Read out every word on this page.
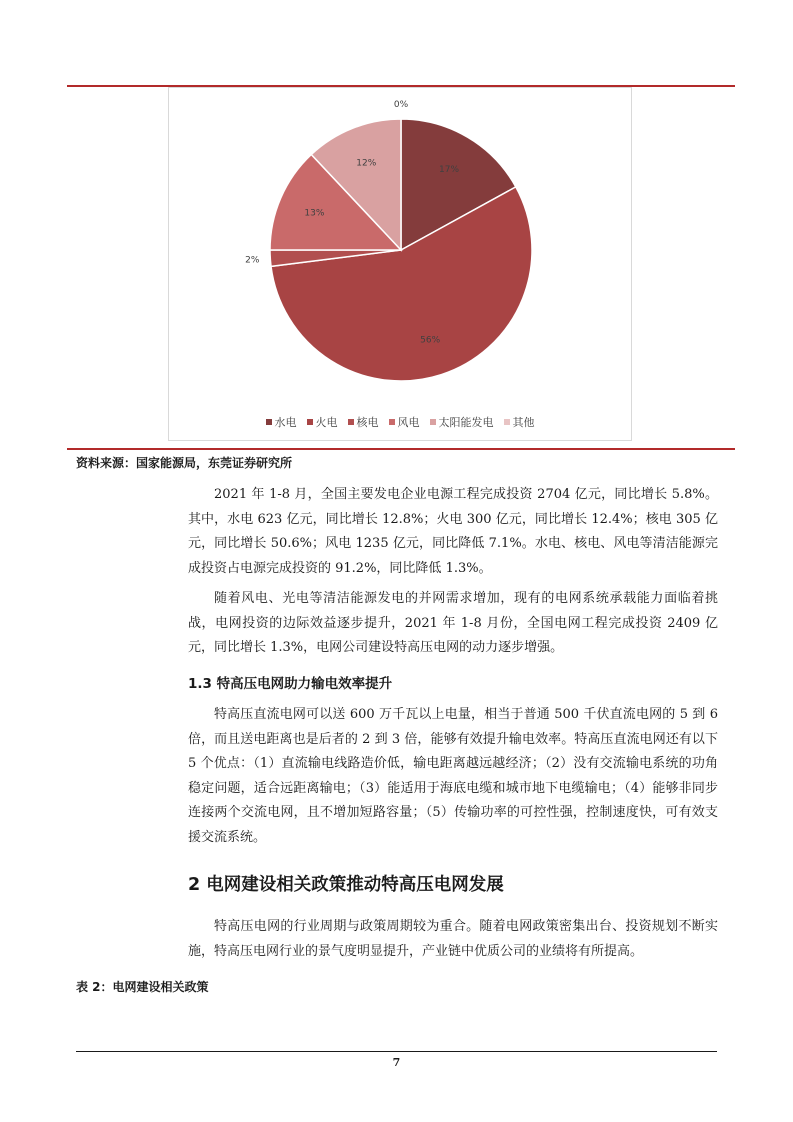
17%
56%
2%
13%
12%
0%
水电 火电 核电 风电 太阳能发电 其他
资料来源：国家能源局，东莞证券研究所

2021 年 1-8 月，全国主要发电企业电源工程完成投资 2704 亿元，同比增长 5.8%。其中，水电 623 亿元，同比增长 12.8%；火电 300 亿元，同比增长 12.4%；核电 305 亿元，同比增长 50.6%；风电 1235 亿元，同比降低 7.1%。水电、核电、风电等清洁能源完成投资占电源完成投资的 91.2%，同比降低 1.3%。

随着风电、光电等清洁能源发电的并网需求增加，现有的电网系统承载能力面临着挑战，电网投资的边际效益逐步提升，2021 年 1-8 月份，全国电网工程完成投资 2409 亿元，同比增长 1.3%，电网公司建设特高压电网的动力逐步增强。

1.3 特高压电网助力输电效率提升

特高压直流电网可以送 600 万千瓦以上电量，相当于普通 500 千伏直流电网的 5 到 6 倍，而且送电距离也是后者的 2 到 3 倍，能够有效提升输电效率。特高压直流电网还有以下 5 个优点：（1）直流输电线路造价低，输电距离越远越经济；（2）没有交流输电系统的功角稳定问题，适合远距离输电；（3）能适用于海底电缆和城市地下电缆输电；（4）能够非同步连接两个交流电网，且不增加短路容量；（5）传输功率的可控性强，控制速度快，可有效支援交流系统。

2 电网建设相关政策推动特高压电网发展

特高压电网的行业周期与政策周期较为重合。随着电网政策密集出台、投资规划不断实施，特高压电网行业的景气度明显提升，产业链中优质公司的业绩将有所提高。

表 2：电网建设相关政策

7
